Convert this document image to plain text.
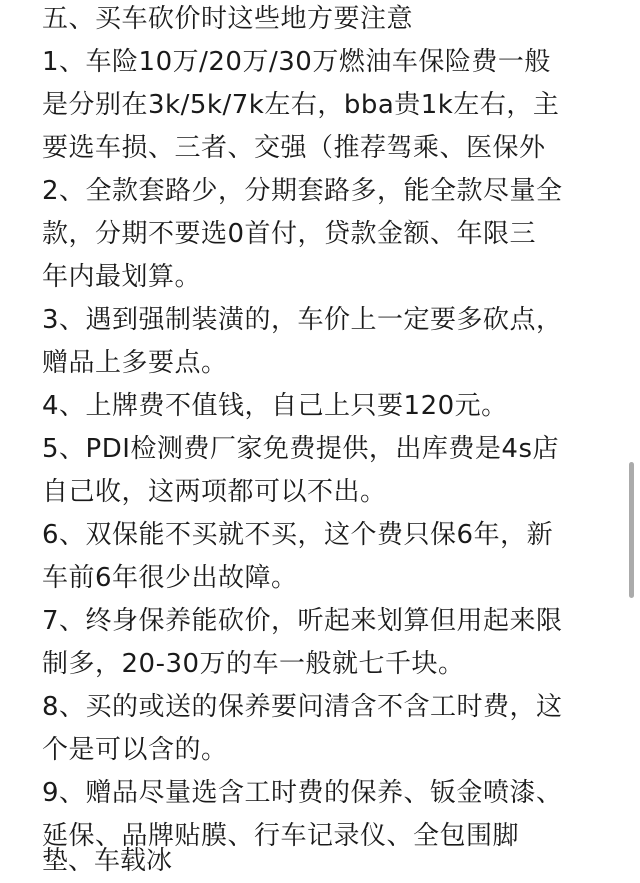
五、买车砍价时这些地方要注意
1、车险10万/20万/30万燃油车保险费一般
是分别在3k/5k/7k左右，bba贵1k左右，主
要选车损、三者、交强（推荐驾乘、医保外
2、全款套路少，分期套路多，能全款尽量全
款，分期不要选0首付，贷款金额、年限三
年内最划算。
3、遇到强制装潢的，车价上一定要多砍点，
赠品上多要点。
4、上牌费不值钱，自己上只要120元。
5、PDI检测费厂家免费提供，出库费是4s店
自己收，这两项都可以不出。
6、双保能不买就不买，这个费只保6年，新
车前6年很少出故障。
7、终身保养能砍价，听起来划算但用起来限
制多，20-30万的车一般就七千块。
8、买的或送的保养要问清含不含工时费，这
个是可以含的。
9、赠品尽量选含工时费的保养、钣金喷漆、
延保、品牌贴膜、行车记录仪、全包围脚
垫、车载冰
